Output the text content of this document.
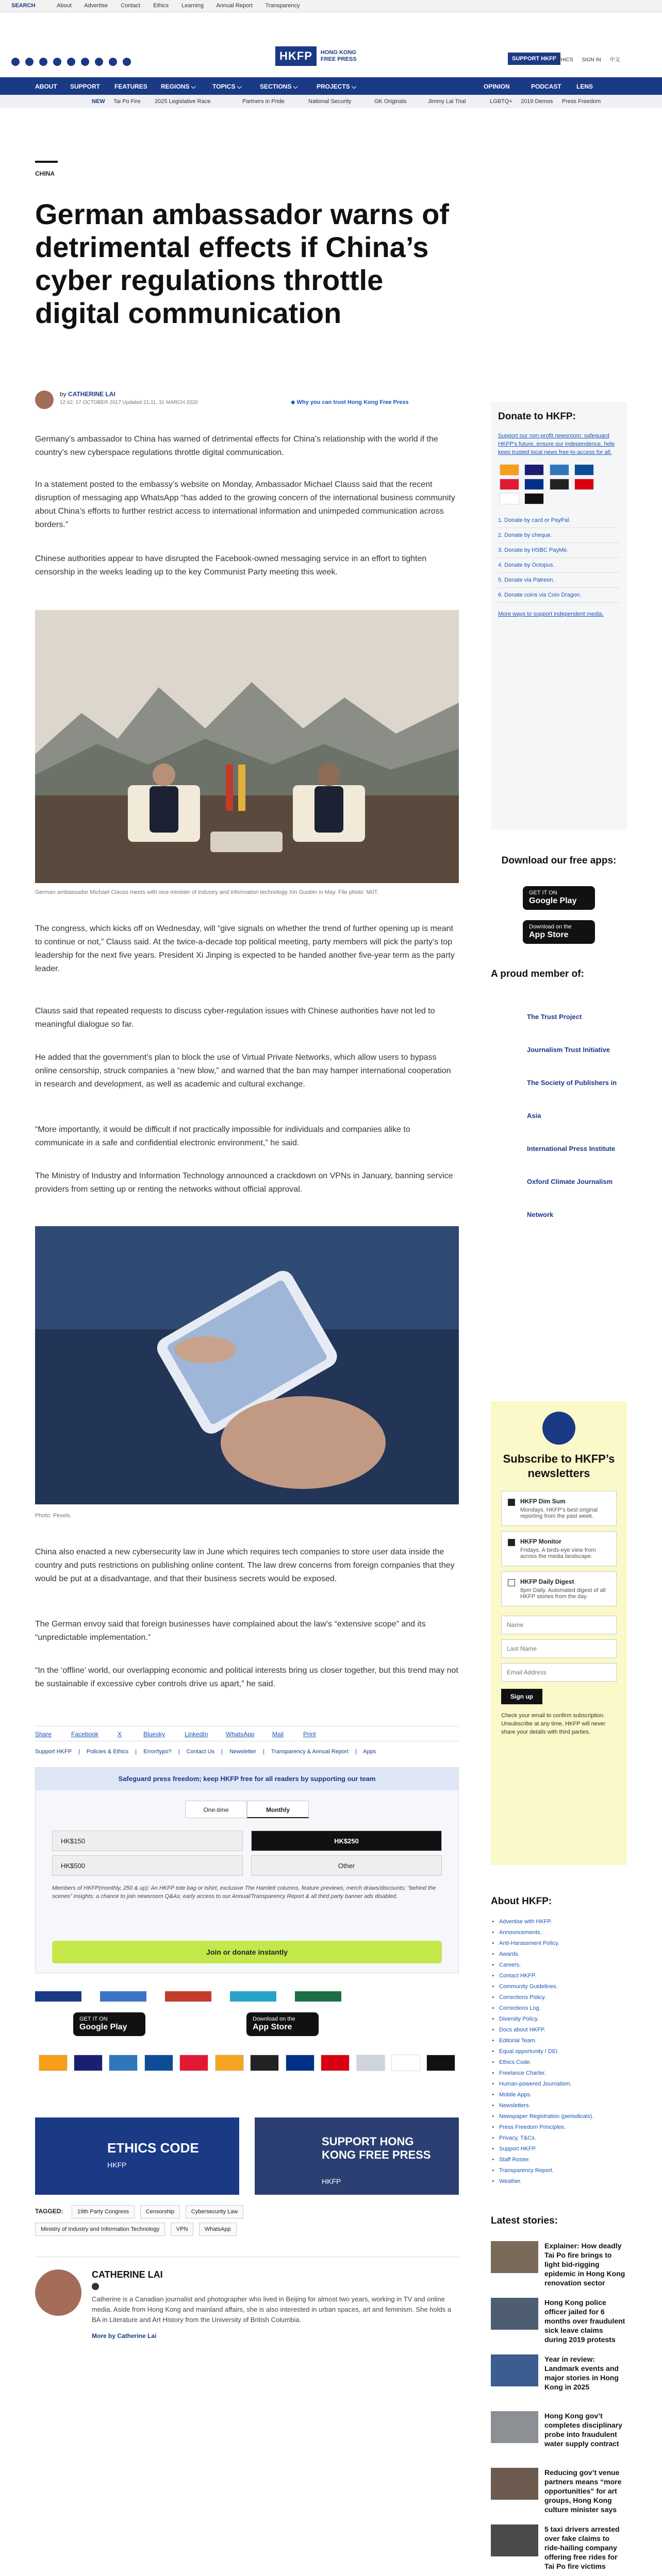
SEARCH	About Advertise Contact Ethics Learning Annual Report Transparency
HKFP	HONG KONG
FREE PRESS	SUPPORT HKFP
ETHICS SIGN IN 中文
ABOUT SUPPORT FEATURES REGIONS ⌵	TOPICS ⌵	SECTIONS ⌵	PROJECTS ⌵	OPINION	PODCAST LENS
NEW Tai Po Fire 2025 Legislative Race	Partners in Pride	National Security	GK Originals	Jimmy Lai Trial	LGBTQ+ 2019 Demos Press Freedom
CHINA
German ambassador warns of detrimental effects if China’s cyber regulations throttle digital communication
by CATHERINE LAI
12:42, 17 OCTOBER 2017 Updated 21:11, 31 MARCH 2020	◆ Why you can trust Hong Kong Free Press

Germany’s ambassador to China has warned of detrimental effects for China’s relationship with the world if the country’s new cyberspace regulations throttle digital communication.

In a statement posted to the embassy’s website on Monday, Ambassador Michael Clauss said that the recent disruption of messaging app WhatsApp “has added to the growing concern of the international business community about China’s efforts to further restrict access to international information and unimpeded communication across borders.”

Chinese authorities appear to have disrupted the Facebook-owned messaging service in an effort to tighten censorship in the weeks leading up to the key Communist Party meeting this week.

German ambassador Michael Clauss meets with vice minister of industry and information technology Xin Guobin in May. File photo: MIIT.

The congress, which kicks off on Wednesday, will “give signals on whether the trend of further opening up is meant to continue or not,” Clauss said. At the twice-a-decade top political meeting, party members will pick the party’s top leadership for the next five years. President Xi Jinping is expected to be handed another five-year term as the party leader.

Clauss said that repeated requests to discuss cyber-regulation issues with Chinese authorities have not led to meaningful dialogue so far.

He added that the government’s plan to block the use of Virtual Private Networks, which allow users to bypass online censorship, struck companies a “new blow,” and warned that the ban may hamper international cooperation in research and development, as well as academic and cultural exchange.

“More importantly, it would be difficult if not practically impossible for individuals and companies alike to communicate in a safe and confidential electronic environment,” he said.

The Ministry of Industry and Information Technology announced a crackdown on VPNs in January, banning service providers from setting up or renting the networks without official approval.

Photo: Pexels.

China also enacted a new cybersecurity law in June which requires tech companies to store user data inside the country and puts restrictions on publishing online content. The law drew concerns from foreign companies that they would be put at a disadvantage, and that their business secrets would be exposed.

The German envoy said that foreign businesses have complained about the law’s “extensive scope” and its “unpredictable implementation.”

“In the ‘offline’ world, our overlapping economic and political interests bring us closer together, but this trend may not be sustainable if excessive cyber controls drive us apart,” he said.

Share	Facebook	X	Bluesky	LinkedIn	WhatsApp	Mail	Print
Support HKFP | Policies & Ethics | Error/typo? | Contact Us | Newsletter | Transparency & Annual Report | Apps
Safeguard press freedom; keep HKFP free for all readers by supporting our team
One-time	Monthly
HK$150	HK$250
HK$500	Other

Members of HKFP(monthly, 250 & up): An HKFP tote bag or tshirt, exclusive The Hamlett columns, feature previews; merch draws/discounts; “behind the scenes” insights; a chance to join newsroom Q&As; early access to our Annual/Transparency Report & all third party banner ads disabled.

Join or donate instantly
GET IT ON
Google Play
Download on the
App Store

ETHICS CODE
HKFP
SUPPORT HONG KONG FREE PRESS
HKFP
TAGGED: 19th Party Congress	Censorship	Cybersecurity Law
Ministry of Industry and Information Technology	VPN	WhatsApp
CATHERINE LAI

Catherine is a Canadian journalist and photographer who lived in Beijing for almost two years, working in TV and online media. Aside from Hong Kong and mainland affairs, she is also interested in urban spaces, art and feminism. She holds a BA in Literature and Art History from the University of British Columbia.

More by Catherine Lai
Donate to HKFP:

Support our non-profit newsroom: safeguard HKFP’s future, ensure our independence, help keep trusted local news free-to-access for all.

1. Donate by card or PayPal.
2. Donate by cheque.
3. Donate by HSBC PayMe.
4. Donate by Octopus.
5. Donate via Patreon.
6. Donate coins via Coin Dragon.
More ways to support independent media.
Download our free apps:
GET IT ON
Google Play
Download on the
App Store
A proud member of:
The Trust Project
Journalism Trust Initiative
The Society of Publishers in Asia
International Press Institute
Oxford Climate Journalism Network
Subscribe to HKFP’s newsletters
HKFP Dim Sum

Mondays. HKFP’s best original reporting from the past week.

HKFP Monitor

Fridays. A birds-eye view from across the media landscape.

HKFP Daily Digest

8pm Daily. Automated digest of all HKFP stories from the day.

Name
Last Name
Email Address Sign up

Check your email to confirm subscription. Unsubscribe at any time. HKFP will never share your details with third parties.

About HKFP:
• Advertise with HKFP.
• Announcements.
• Anti-Harassment Policy.
• Awards.
• Careers.
• Contact HKFP.
• Community Guidelines.
• Corrections Policy.
• Corrections Log.
• Diversity Policy.
• Docs about HKFP.
• Editorial Team.
• Equal opportunity / DEI.
• Ethics Code.
• Freelance Charter.
• Human-powered Journalism.
• Mobile Apps.
• Newsletters.
• Newspaper Registration (periodicals).
• Press Freedom Principles.
• Privacy, T&Cs.
• Support HKFP.
• Staff Roster.
• Transparency Report.
• Weather.
Latest stories:
Explainer: How deadly Tai Po fire brings to light bid-rigging epidemic in Hong Kong renovation sector
Hong Kong police officer jailed for 6 months over fraudulent sick leave claims during 2019 protests
Year in review: Landmark events and major stories in Hong Kong in 2025
Hong Kong gov’t completes disciplinary probe into fraudulent water supply contract
Reducing gov’t venue partners means “more opportunities” for art groups, Hong Kong culture minister says
5 taxi drivers arrested over fake claims to ride-hailing company offering free rides for Tai Po fire victims
